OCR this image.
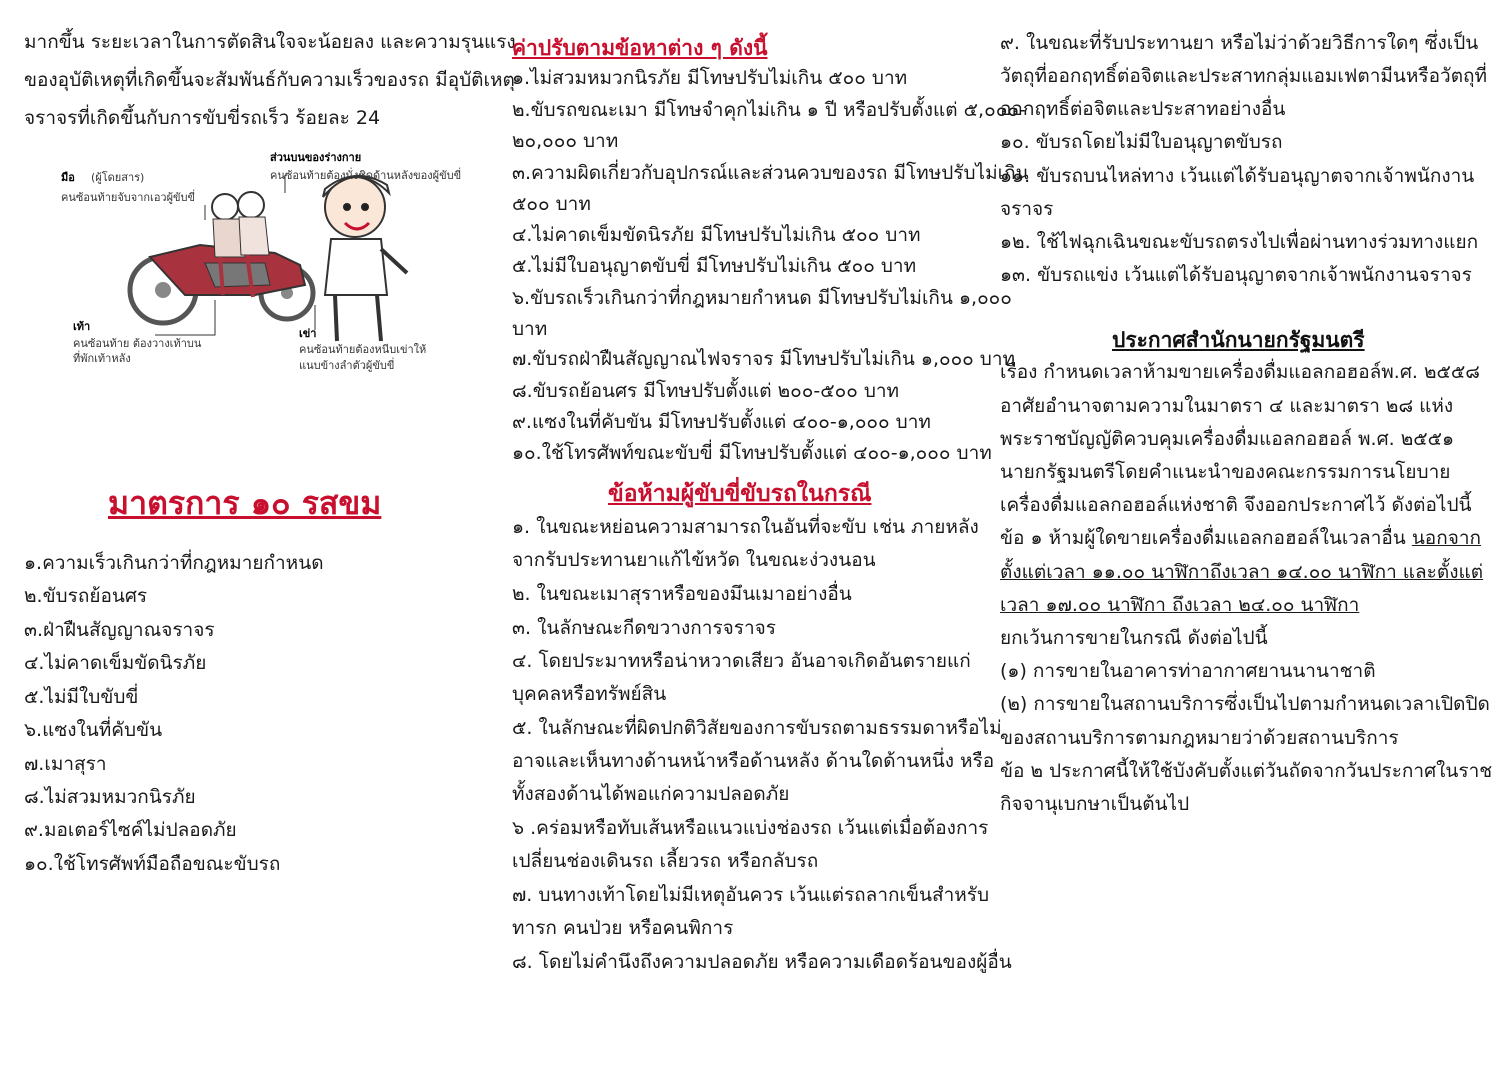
มากขึ้น ระยะเวลาในการตัดสินใจจะน้อยลง และความรุนแรง
ของอุบัติเหตุที่เกิดขึ้นจะสัมพันธ์กับความเร็วของรถ มีอุบัติเหตุ
จราจรที่เกิดขึ้นกับการขับขี่รถเร็ว ร้อยละ 24
ส่วนบนของร่างกาย
คนซ้อนท้ายต้องนั่งชิดด้านหลังของผู้ขับขี่
มือ (ผู้โดยสาร)
คนซ้อนท้ายจับจากเอวผู้ขับขี่
เท้า
คนซ้อนท้าย ต้องวางเท้าบน
ที่พักเท้าหลัง
เข่า
คนซ้อนท้ายต้องหนีบเข่าให้
แนบข้างลำตัวผู้ขับขี่
มาตรการ ๑๐ รสขม
๑.ความเร็วเกินกว่าที่กฎหมายกำหนด
๒.ขับรถย้อนศร
๓.ฝ่าฝืนสัญญาณจราจร
๔.ไม่คาดเข็มขัดนิรภัย
๕.ไม่มีใบขับขี่
๖.แซงในที่คับขัน
๗.เมาสุรา
๘.ไม่สวมหมวกนิรภัย
๙.มอเตอร์ไซค์ไม่ปลอดภัย
๑๐.ใช้โทรศัพท์มือถือขณะขับรถ
ค่าปรับตามข้อหาต่าง ๆ ดังนี้
๑.ไม่สวมหมวกนิรภัย มีโทษปรับไม่เกิน ๕๐๐ บาท
๒.ขับรถขณะเมา มีโทษจำคุกไม่เกิน ๑ ปี หรือปรับตั้งแต่ ๕,๐๐๐-
๒๐,๐๐๐ บาท
๓.ความผิดเกี่ยวกับอุปกรณ์และส่วนควบของรถ มีโทษปรับไม่เกิน
๕๐๐ บาท
๔.ไม่คาดเข็มขัดนิรภัย มีโทษปรับไม่เกิน ๕๐๐ บาท
๕.ไม่มีใบอนุญาตขับขี่ มีโทษปรับไม่เกิน ๕๐๐ บาท
๖.ขับรถเร็วเกินกว่าที่กฎหมายกำหนด มีโทษปรับไม่เกิน ๑,๐๐๐
บาท
๗.ขับรถฝ่าฝืนสัญญาณไฟจราจร มีโทษปรับไม่เกิน ๑,๐๐๐ บาท
๘.ขับรถย้อนศร มีโทษปรับตั้งแต่ ๒๐๐-๕๐๐ บาท
๙.แซงในที่คับขัน มีโทษปรับตั้งแต่ ๔๐๐-๑,๐๐๐ บาท
๑๐.ใช้โทรศัพท์ขณะขับขี่ มีโทษปรับตั้งแต่ ๔๐๐-๑,๐๐๐ บาท
ข้อห้ามผู้ขับขี่ขับรถในกรณี
๑. ในขณะหย่อนความสามารถในอันที่จะขับ เช่น ภายหลัง
จากรับประทานยาแก้ไข้หวัด ในขณะง่วงนอน
๒. ในขณะเมาสุราหรือของมึนเมาอย่างอื่น
๓. ในลักษณะกีดขวางการจราจร
๔. โดยประมาทหรือน่าหวาดเสียว อันอาจเกิดอันตรายแก่
บุคคลหรือทรัพย์สิน
๕. ในลักษณะที่ผิดปกติวิสัยของการขับรถตามธรรมดาหรือไม่
อาจและเห็นทางด้านหน้าหรือด้านหลัง ด้านใดด้านหนึ่ง หรือ
ทั้งสองด้านได้พอแก่ความปลอดภัย
๖ .คร่อมหรือทับเส้นหรือแนวแบ่งช่องรถ เว้นแต่เมื่อต้องการ
เปลี่ยนช่องเดินรถ เลี้ยวรถ หรือกลับรถ
๗. บนทางเท้าโดยไม่มีเหตุอันควร เว้นแต่รถลากเข็นสำหรับ
ทารก คนป่วย หรือคนพิการ
๘. โดยไม่คำนึงถึงความปลอดภัย หรือความเดือดร้อนของผู้อื่น
๙. ในขณะที่รับประทานยา หรือไม่ว่าด้วยวิธีการใดๆ ซึ่งเป็น
วัตถุที่ออกฤทธิ์ต่อจิตและประสาทกลุ่มแอมเฟตามีนหรือวัตถุที่
ออกฤทธิ์ต่อจิตและประสาทอย่างอื่น
๑๐. ขับรถโดยไม่มีใบอนุญาตขับรถ
๑๑. ขับรถบนไหล่ทาง เว้นแต่ได้รับอนุญาตจากเจ้าพนักงาน
จราจร
๑๒. ใช้ไฟฉุกเฉินขณะขับรถตรงไปเพื่อผ่านทางร่วมทางแยก
๑๓. ขับรถแข่ง เว้นแต่ได้รับอนุญาตจากเจ้าพนักงานจราจร
ประกาศสำนักนายกรัฐมนตรี
เรื่อง กำหนดเวลาห้ามขายเครื่องดื่มแอลกอฮอล์พ.ศ. ๒๕๕๘
อาศัยอำนาจตามความในมาตรา ๔ และมาตรา ๒๘ แห่ง
พระราชบัญญัติควบคุมเครื่องดื่มแอลกอฮอล์ พ.ศ. ๒๕๕๑
นายกรัฐมนตรีโดยคำแนะนำของคณะกรรมการนโยบาย
เครื่องดื่มแอลกอฮอล์แห่งชาติ จึงออกประกาศไว้ ดังต่อไปนี้
ข้อ ๑ ห้ามผู้ใดขายเครื่องดื่มแอลกอฮอล์ในเวลาอื่น นอกจาก
ตั้งแต่เวลา ๑๑.๐๐ นาฬิกาถึงเวลา ๑๔.๐๐ นาฬิกา และตั้งแต่
เวลา ๑๗.๐๐ นาฬิกา ถึงเวลา ๒๔.๐๐ นาฬิกา
ยกเว้นการขายในกรณี ดังต่อไปนี้
(๑) การขายในอาคารท่าอากาศยานนานาชาติ
(๒) การขายในสถานบริการซึ่งเป็นไปตามกำหนดเวลาเปิดปิด
ของสถานบริการตามกฎหมายว่าด้วยสถานบริการ
ข้อ ๒ ประกาศนี้ให้ใช้บังคับตั้งแต่วันถัดจากวันประกาศในราช
กิจจานุเบกษาเป็นต้นไป
